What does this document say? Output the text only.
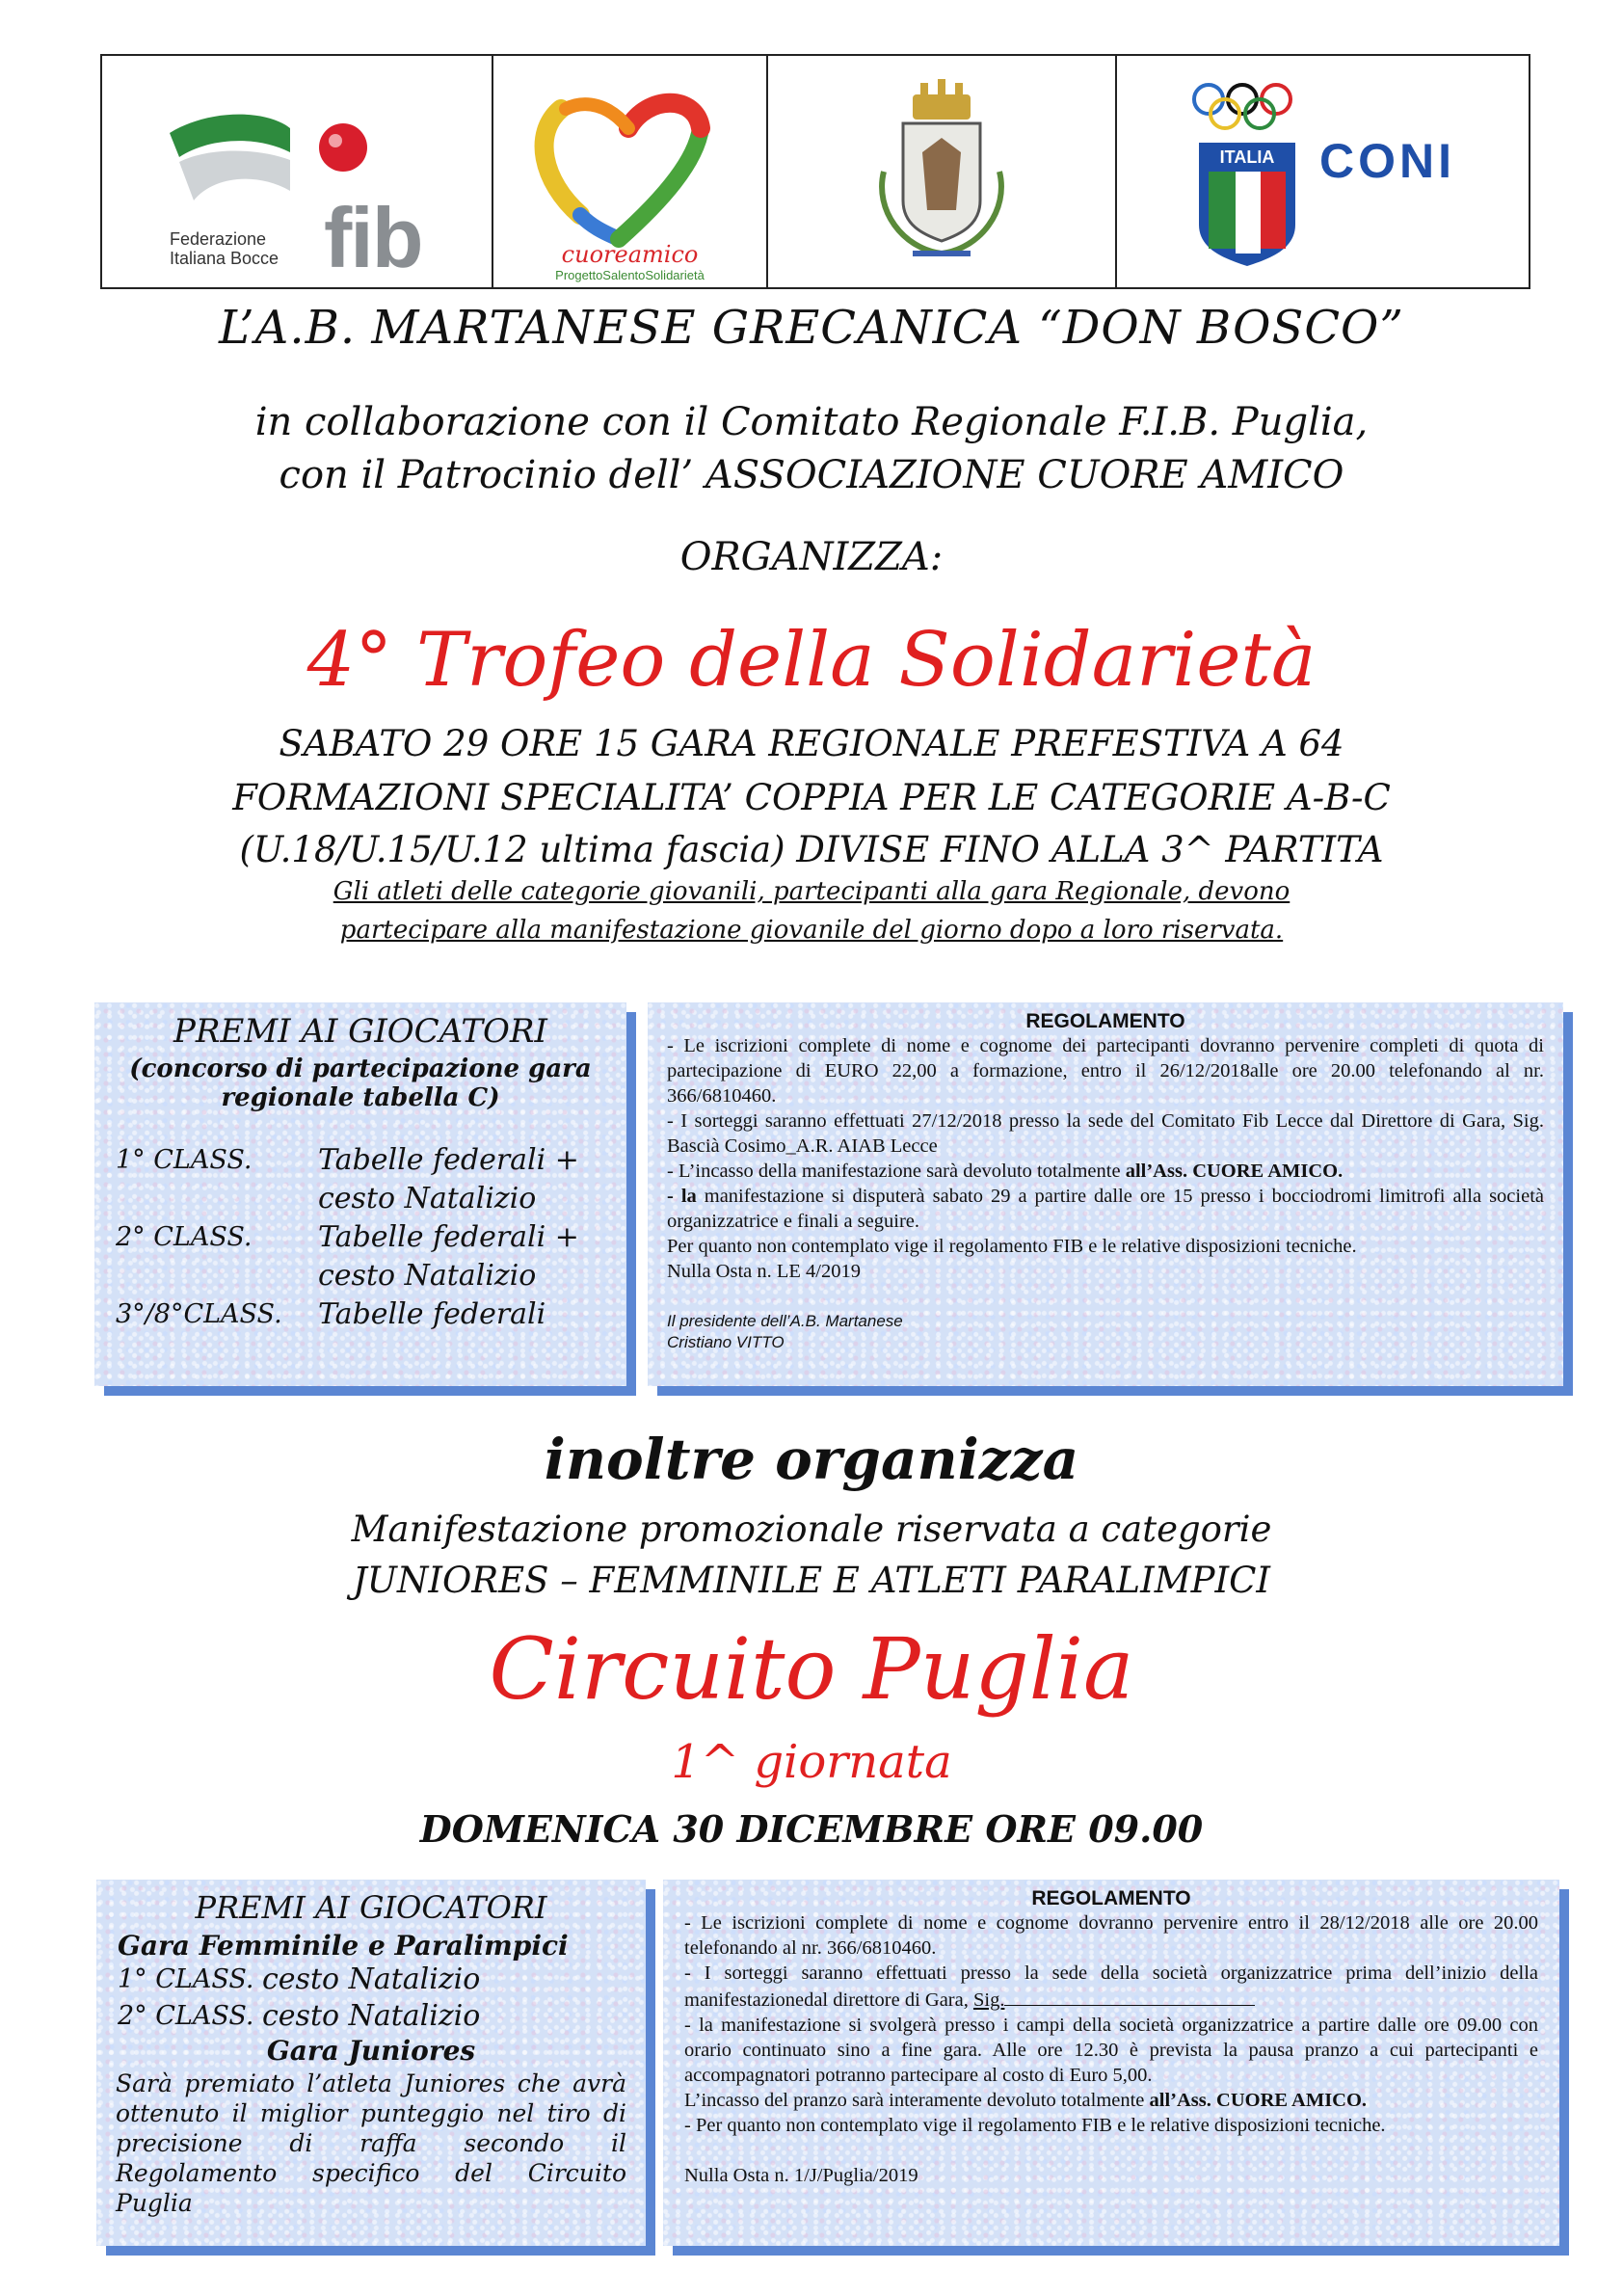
Federazione
Italiana Bocce fib	cuoreamico
ProgettoSalentoSolidarietà
ITALIA CONI
L’A.B. MARTANESE GRECANICA “DON BOSCO”
in collaborazione con il Comitato Regionale F.I.B. Puglia,
con il Patrocinio dell’ ASSOCIAZIONE CUORE AMICO
ORGANIZZA:
4° Trofeo della Solidarietà
SABATO 29 ORE 15 GARA REGIONALE PREFESTIVA A 64
FORMAZIONI SPECIALITA’ COPPIA PER LE CATEGORIE A-B-C
(U.18/U.15/U.12 ultima fascia) DIVISE FINO ALLA 3^ PARTITA
Gli atleti delle categorie giovanili, partecipanti alla gara Regionale, devono
partecipare alla manifestazione giovanile del giorno dopo a loro riservata.
PREMI AI GIOCATORI
(concorso di partecipazione gara
regionale tabella C)
1° CLASS.	Tabelle federali +
cesto Natalizio
2° CLASS.	Tabelle federali +
cesto Natalizio
3°/8°CLASS.	Tabelle federali
REGOLAMENTO
- Le iscrizioni complete di nome e cognome dei partecipanti dovranno pervenire completi di quota di partecipazione di EURO 22,00 a formazione, entro il 26/12/2018alle ore 20.00 telefonando al nr. 366/6810460.
- I sorteggi saranno effettuati 27/12/2018 presso la sede del Comitato Fib Lecce dal Direttore di Gara, Sig. Bascià Cosimo_A.R. AIAB Lecce
- L’incasso della manifestazione sarà devoluto totalmente all’Ass. CUORE AMICO.
- la manifestazione si disputerà sabato 29 a partire dalle ore 15 presso i bocciodromi limitrofi alla società organizzatrice e finali a seguire.
Per quanto non contemplato vige il regolamento FIB e le relative disposizioni tecniche.
Nulla Osta n. LE 4/2019
Il presidente dell’A.B. Martanese
Cristiano VITTO
inoltre organizza
Manifestazione promozionale riservata a categorie
JUNIORES – FEMMINILE E ATLETI PARALIMPICI
Circuito Puglia
1^ giornata
DOMENICA 30 DICEMBRE ORE 09.00
PREMI AI GIOCATORI
Gara Femminile e Paralimpici
1° CLASS. cesto Natalizio
2° CLASS. cesto Natalizio
Gara Juniores
Sarà premiato l’atleta Juniores che avrà ottenuto il miglior punteggio nel tiro di precisione di raffa secondo il Regolamento specifico del Circuito Puglia
REGOLAMENTO
- Le iscrizioni complete di nome e cognome dovranno pervenire entro il 28/12/2018 alle ore 20.00 telefonando al nr. 366/6810460.
- I sorteggi saranno effettuati presso la sede della società organizzatrice prima dell’inizio della manifestazionedal direttore di Gara, Sig.
- la manifestazione si svolgerà presso i campi della società organizzatrice a partire dalle ore 09.00 con orario continuato sino a fine gara. Alle ore 12.30 è prevista la pausa pranzo a cui partecipanti e accompagnatori potranno partecipare al costo di Euro 5,00.
L’incasso del pranzo sarà interamente devoluto totalmente all’Ass. CUORE AMICO.
- Per quanto non contemplato vige il regolamento FIB e le relative disposizioni tecniche.
Nulla Osta n. 1/J/Puglia/2019
